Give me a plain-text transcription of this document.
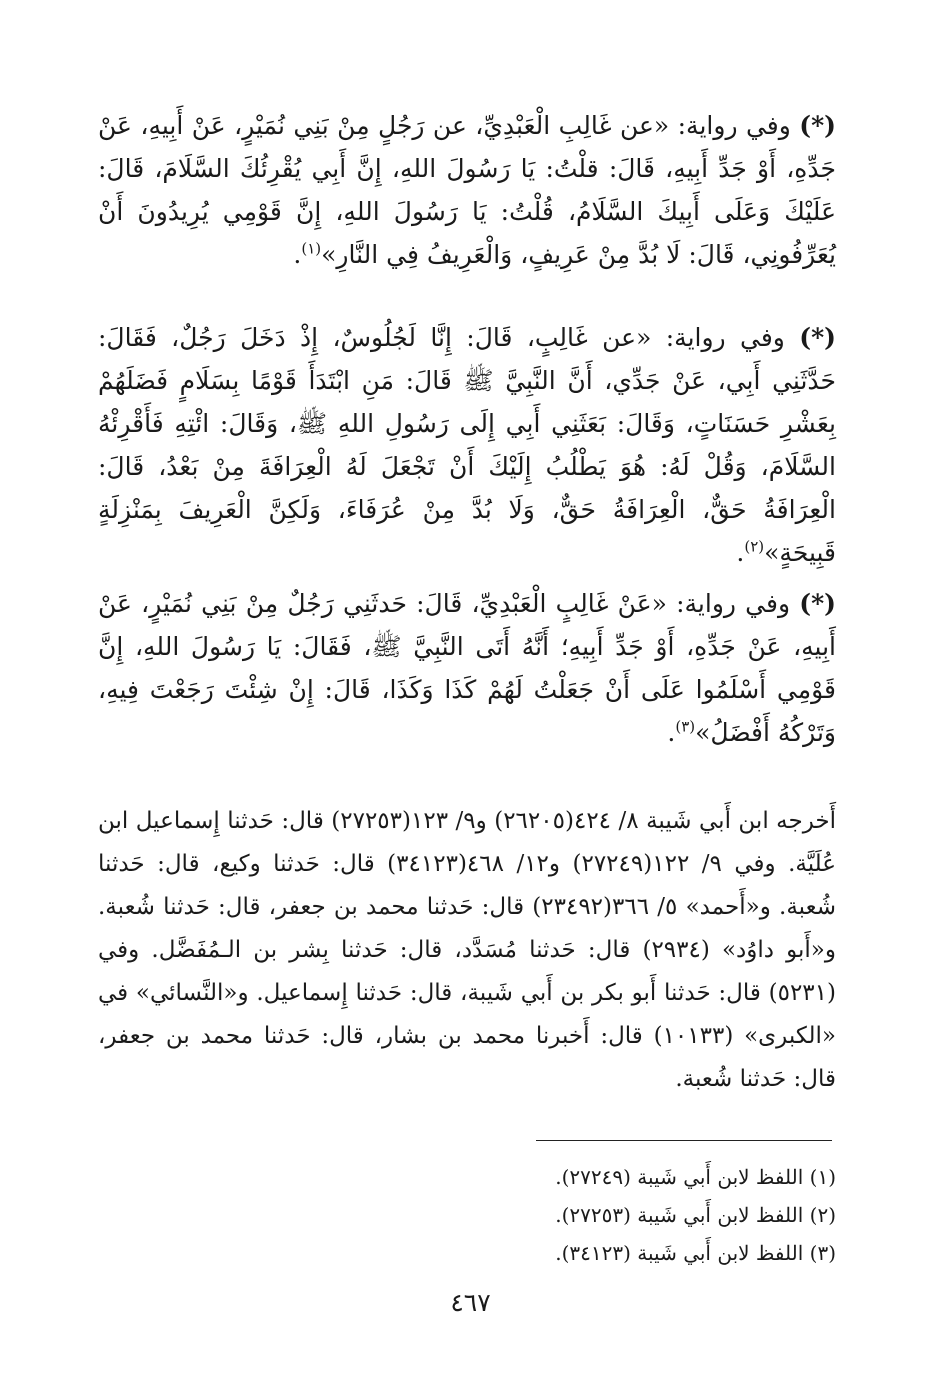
(*) وفي رواية: «عن غَالِبِ الْعَبْدِيِّ، عن رَجُلٍ مِنْ بَنِي نُمَيْرٍ، عَنْ أَبِيهِ، عَنْ جَدِّهِ، أَوْ جَدِّ أَبِيهِ، قَالَ: قلْتُ: يَا رَسُولَ اللهِ، إِنَّ أَبِي يُقْرِئُكَ السَّلَامَ، قَالَ: عَلَيْكَ وَعَلَى أَبِيكَ السَّلَامُ، قُلْتُ: يَا رَسُولَ اللهِ، إِنَّ قَوْمِي يُرِيدُونَ أَنْ يُعَرِّفُونِي، قَالَ: لَا بُدَّ مِنْ عَرِيفٍ، وَالْعَرِيفُ فِي النَّارِ»$^{(١)}$.

(*) وفي رواية: «عن غَالِبٍ، قَالَ: إِنَّا لَجُلُوسٌ، إِذْ دَخَلَ رَجُلٌ، فَقَالَ: حَدَّثَنِي أَبِي، عَنْ جَدِّي، أَنَّ النَّبِيَّ ﷺ قَالَ: مَنِ ابْتَدَأَ قَوْمًا بِسَلَامٍ فَضَلَهُمْ بِعَشْرِ حَسَنَاتٍ، وَقَالَ: بَعَثَنِي أَبِي إِلَى رَسُولِ اللهِ ﷺ، وَقَالَ: ائْتِهِ فَأَقْرِئْهُ السَّلَامَ، وَقُلْ لَهُ: هُوَ يَطْلُبُ إِلَيْكَ أَنْ تَجْعَلَ لَهُ الْعِرَافَةَ مِنْ بَعْدُ، قَالَ: الْعِرَافَةُ حَقٌّ، الْعِرَافَةُ حَقٌّ، وَلَا بُدَّ مِنْ عُرَفَاءَ، وَلَكِنَّ الْعَرِيفَ بِمَنْزِلَةٍ قَبِيحَةٍ»$^{(٢)}$.

(*) وفي رواية: «عَنْ غَالِبٍ الْعَبْدِيِّ، قَالَ: حَدثَنِي رَجُلٌ مِنْ بَنِي نُمَيْرٍ، عَنْ أَبِيهِ، عَنْ جَدِّهِ، أَوْ جَدِّ أَبِيهِ؛ أَنَّهُ أَتَى النَّبِيَّ ﷺ، فَقَالَ: يَا رَسُولَ اللهِ، إِنَّ قَوْمِي أَسْلَمُوا عَلَى أَنْ جَعَلْتُ لَهُمْ كَذَا وَكَذَا، قَالَ: إِنْ شِئْتَ رَجَعْتَ فِيهِ، وَتَرْكُهُ أَفْضَلُ»$^{(٣)}$.

أَخرجه ابن أَبي شَيبة ٨/ ٤٢٤(٢٦٢٠٥) و٩/ ١٢٣(٢٧٢٥٣) قال: حَدثنا إِسماعيل ابن عُلَيَّة. وفي ٩/ ١٢٢(٢٧٢٤٩) و١٢/ ٤٦٨(٣٤١٢٣) قال: حَدثنا وكيع، قال: حَدثنا شُعبة. و«أَحمد» ٥/ ٣٦٦(٢٣٤٩٢) قال: حَدثنا محمد بن جعفر، قال: حَدثنا شُعبة. و«أَبو داوُد» (٢٩٣٤) قال: حَدثنا مُسَدَّد، قال: حَدثنا بِشر بن الـمُفَضَّل. وفي (٥٢٣١) قال: حَدثنا أَبو بكر بن أَبي شَيبة، قال: حَدثنا إِسماعيل. و«النَّسائي» في «الكبرى» (١٠١٣٣) قال: أَخبرنا محمد بن بشار، قال: حَدثنا محمد بن جعفر، قال: حَدثنا شُعبة.

(١) اللفظ لابن أَبي شَيبة (٢٧٢٤٩).

(٢) اللفظ لابن أَبي شَيبة (٢٧٢٥٣).

(٣) اللفظ لابن أَبي شَيبة (٣٤١٢٣).

٤٦٧
